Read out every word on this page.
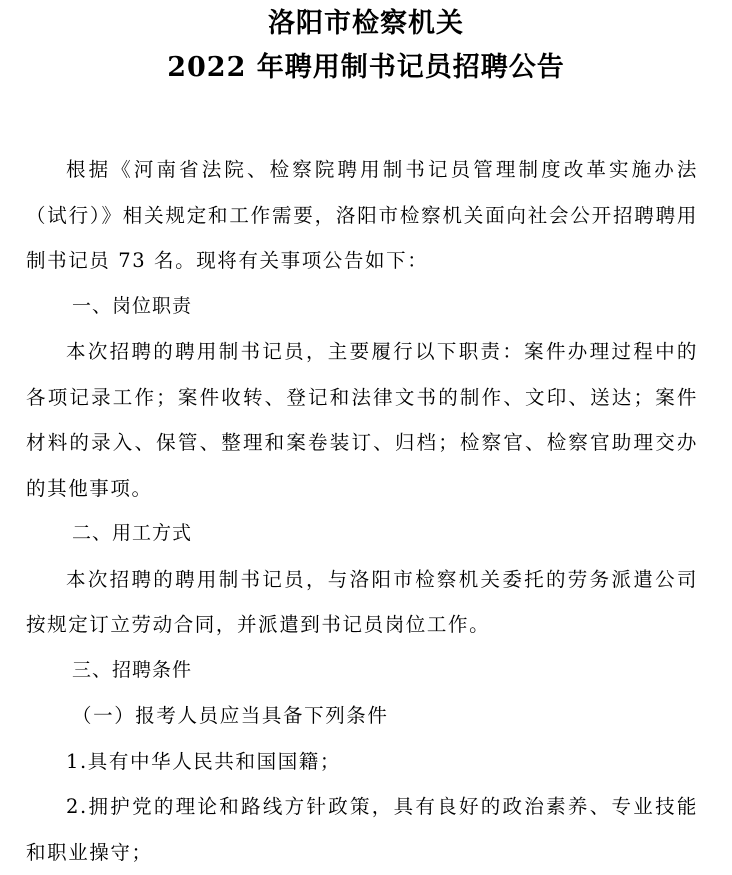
洛阳市检察机关
2022 年聘用制书记员招聘公告

根据《河南省法院、检察院聘用制书记员管理制度改革实施办法（试行）》相关规定和工作需要，洛阳市检察机关面向社会公开招聘聘用制书记员 73 名。现将有关事项公告如下：

一、岗位职责

本次招聘的聘用制书记员，主要履行以下职责：案件办理过程中的各项记录工作；案件收转、登记和法律文书的制作、文印、送达；案件材料的录入、保管、整理和案卷装订、归档；检察官、检察官助理交办的其他事项。

二、用工方式

本次招聘的聘用制书记员，与洛阳市检察机关委托的劳务派遣公司按规定订立劳动合同，并派遣到书记员岗位工作。

三、招聘条件

（一）报考人员应当具备下列条件

1.具有中华人民共和国国籍；

2.拥护党的理论和路线方针政策，具有良好的政治素养、专业技能和职业操守；
